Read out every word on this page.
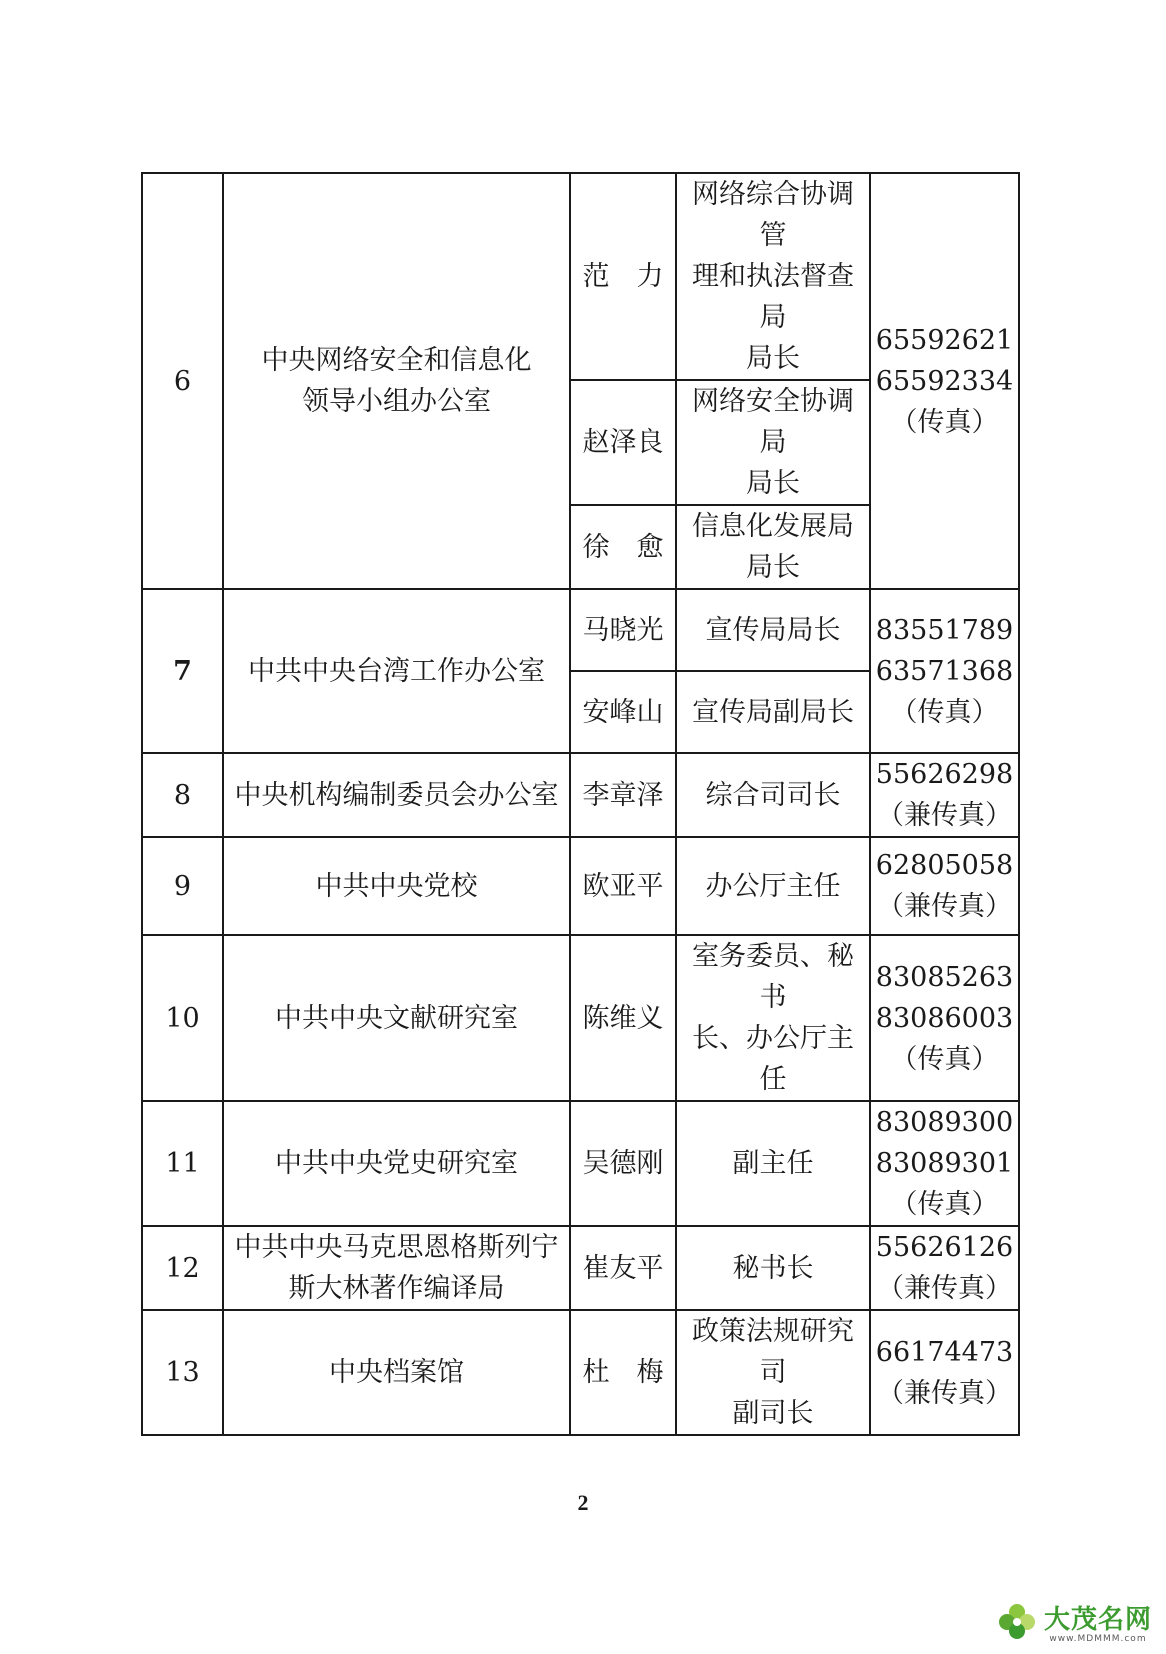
6	中央网络安全和信息化
领导小组办公室	范　力	网络综合协调管
理和执法督查局
局长	65592621
65592334
（传真）
		赵泽良	网络安全协调局
局长	
		徐　愈	信息化发展局
局长	
7	中共中央台湾工作办公室	马晓光	宣传局局长	83551789
63571368
（传真）
		安峰山	宣传局副局长	
8	中央机构编制委员会办公室	李章泽	综合司司长	55626298
（兼传真）
9	中共中央党校	欧亚平	办公厅主任	62805058
（兼传真）
10	中共中央文献研究室	陈维义	室务委员、秘书
长、办公厅主任	83085263
83086003
（传真）
11	中共中央党史研究室	吴德刚	副主任	83089300
83089301
（传真）
12	中共中央马克思恩格斯列宁
斯大林著作编译局	崔友平	秘书长	55626126
（兼传真）
13	中央档案馆	杜　梅	政策法规研究司
副司长	66174473
（兼传真）
2
大茂名网
www.MDMMM.com
